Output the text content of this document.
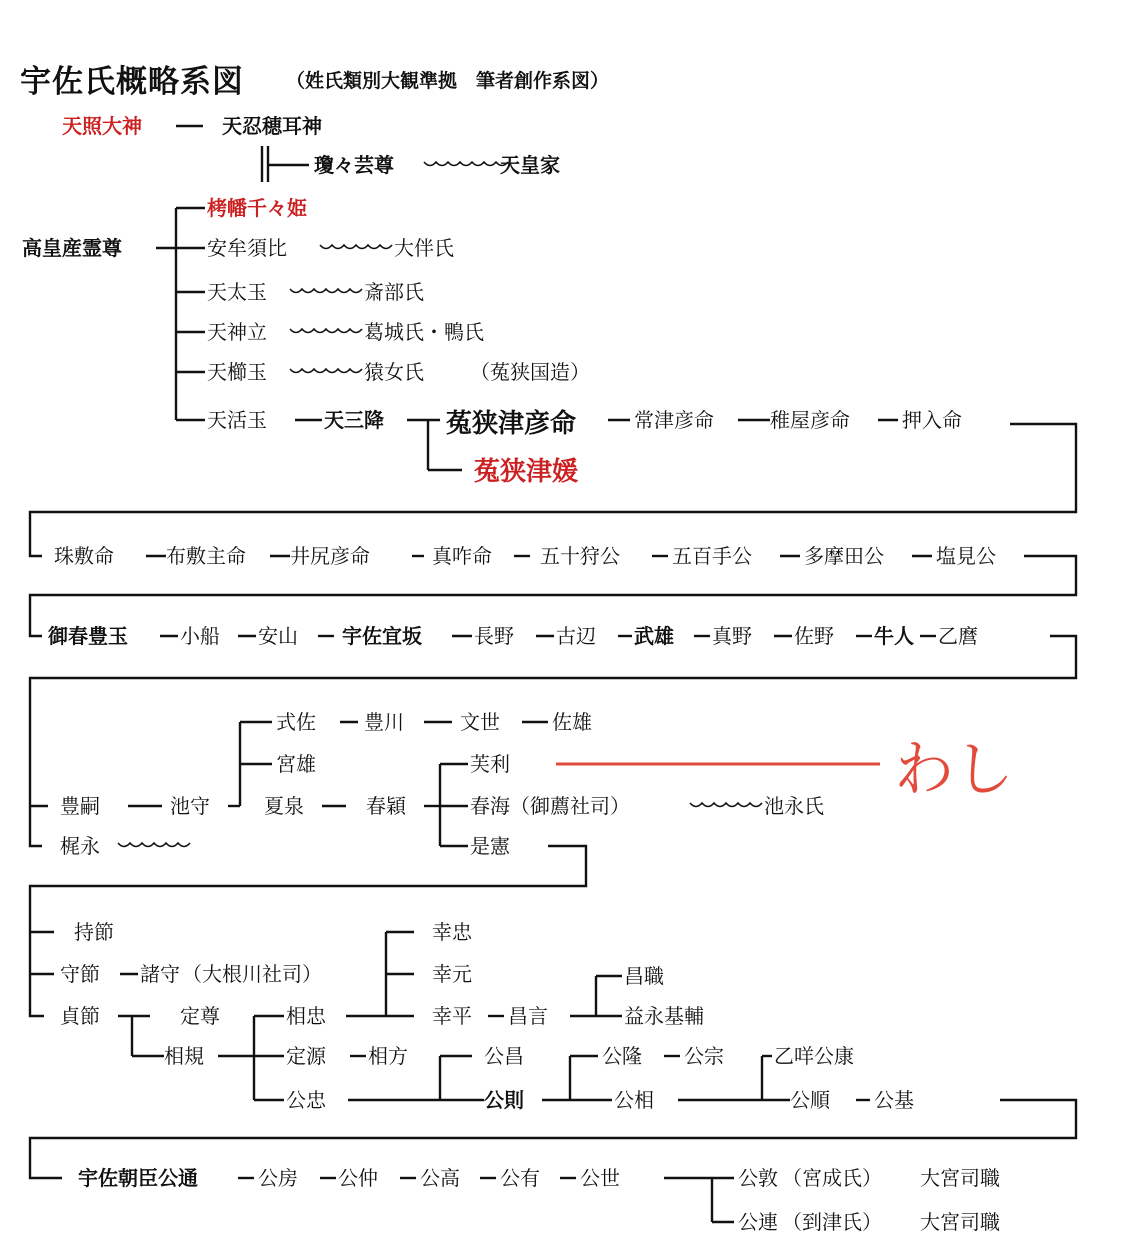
宇佐氏概略系図 （姓氏類別大観準拠　筆者創作系図）
天照大神	天忍穂耳神
瓊々芸尊	天皇家
高皇産霊尊
栲幡千々姫
安牟須比
天太玉
天神立
天櫛玉
天活玉
大伴氏
斎部氏
葛城氏・鴨氏
猿女氏 （菟狭国造）
天三降 菟狭津彦命
菟狭津媛
常津彦命	稚屋彦命	押入命
珠敷命	布敷主命 井尻彦命	真咋命 五十狩公	五百手公	多摩田公	塩見公
御春豊玉	小船 安山 宇佐宜坂	長野 古辺 武雄 真野 佐野 牛人 乙麿
豊嗣	池守
式佐 豊川	文世	佐雄
宮雄
夏泉	春穎
芙利
春海 （御薦社司）	池永氏
是憲
梶永
持節
守節 諸守 （大根川社司）
貞節	定尊
相規
相忠
定源 相方
公忠
幸忠
幸元
幸平 昌言
昌職
益永基輔
公昌
公則
公隆 公宗
公相
乙咩公康
公順 公基
宇佐朝臣公通	公房 公仲 公高 公有 公世	公敦 （宮成氏） 大宮司職
公連 （到津氏） 大宮司職
わし
